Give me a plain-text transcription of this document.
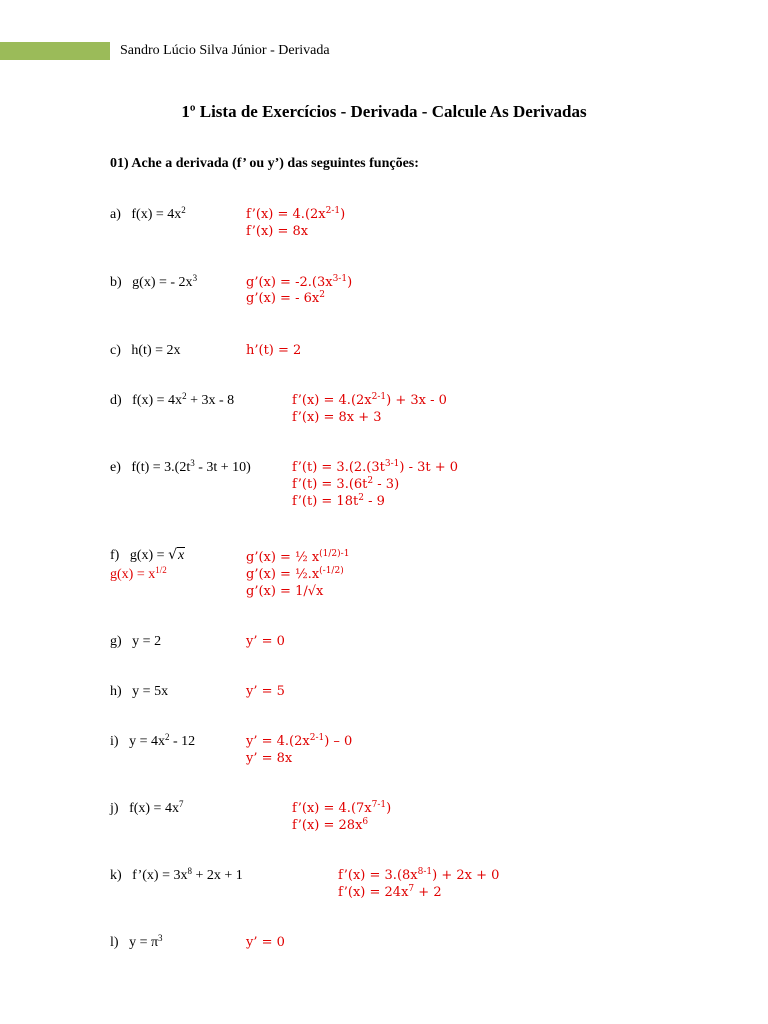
Sandro Lúcio Silva Júnior - Derivada
1º Lista de Exercícios - Derivada - Calcule As Derivadas
01) Ache a derivada (f’ ou y’) das seguintes funções:
a) $f(x) = 4x^2$	f’(x) = $4.(2x^{2-1})$
f’(x) = 8x
b) g(x) = - $2x^3$	g’(x) = $-2.(3x^{3-1})$
g’(x) = - $6x^2$
c) h(t) = 2x	h’(t) = 2
d) $f(x) = 4x^2 + 3x - 8$	f’(x) = $4.(2x^{2-1}) + 3x - 0$
f’(x) = 8x + 3
e) $f(t) = 3.(2t^3 - 3t + 10)$	f’(t) = $3.(2.(3t^{3-1}) - 3t + 0$
f’(t) = $3.(6t^2 - 3)$
f’(t) = $18t^2 - 9$
f) g(x) = √x
$g(x) = x^{1/2}$
g’(x) = ½ $x^{(1/2)-1}$
g’(x) = $\frac{1}{2}.x^{(-1/2)}$
g’(x) = 1/√x
g) y = 2	y’ = 0
h) y = 5x	y’ = 5
i) $y = 4x^2 - 12$	y’ = $4.(2x^{2-1}) - 0$
y’ = 8x
j) $f(x) = 4x^7$	f’(x) = $4.(7x^{7-1})$
f’(x) = $28x^6$
k) f’(x) = $3x^8 + 2x + 1$	f’(x) = $3.(8x^{8-1}) + 2x + 0$
f’(x) = $24x^7 + 2$
l) $y = \pi^3$	y’ = 0
